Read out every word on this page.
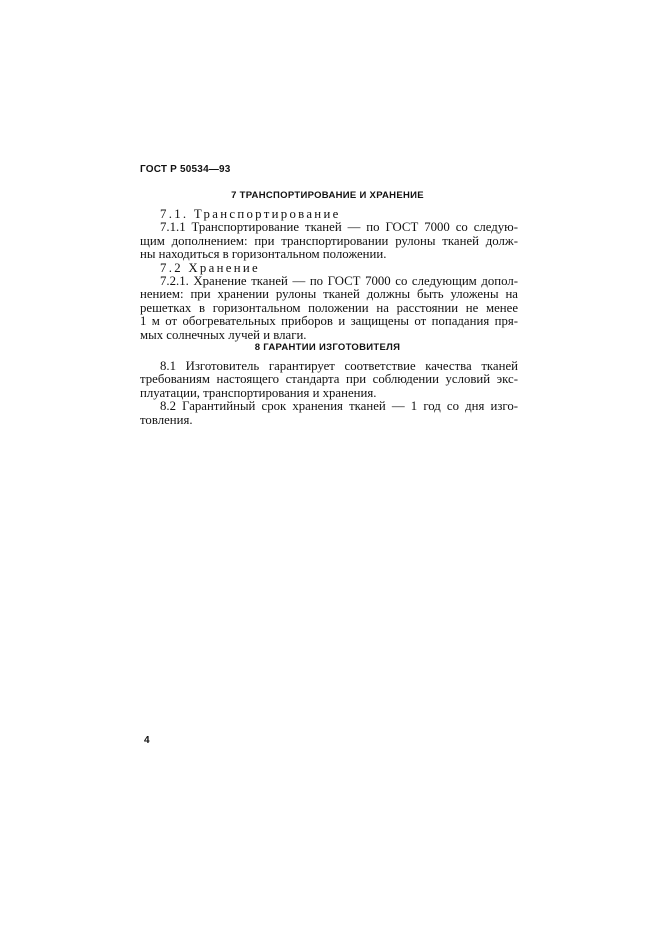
ГОСТ Р 50534—93
7 ТРАНСПОРТИРОВАНИЕ И ХРАНЕНИЕ
7.1. Транспортирование
7.1.1 Транспортирование тканей — по ГОСТ 7000 со следую-
щим дополнением: при транспортировании рулоны тканей долж-
ны находиться в горизонтальном положении.
7.2 Хранение
7.2.1. Хранение тканей — по ГОСТ 7000 со следующим допол-
нением: при хранении рулоны тканей должны быть уложены на
решетках в горизонтальном положении на расстоянии не менее
1 м от обогревательных приборов и защищены от попадания пря-
мых солнечных лучей и влаги.
8 ГАРАНТИИ ИЗГОТОВИТЕЛЯ
8.1 Изготовитель гарантирует соответствие качества тканей
требованиям настоящего стандарта при соблюдении условий экс-
плуатации, транспортирования и хранения.
8.2 Гарантийный срок хранения тканей — 1 год со дня изго-
товления.
4
